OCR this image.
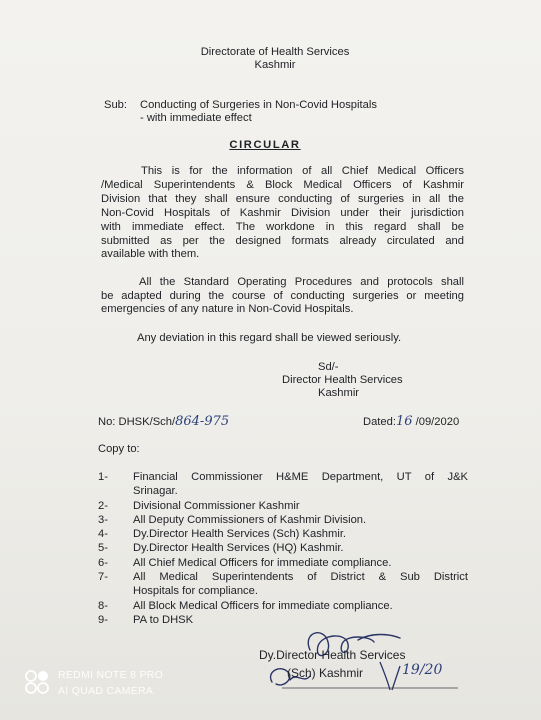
Directorate of Health Services
Kashmir
Sub: Conducting of Surgeries in Non-Covid Hospitals
- with immediate effect
CIRCULAR
This is for the information of all Chief Medical Officers
/Medical Superintendents & Block Medical Officers of Kashmir
Division that they shall ensure conducting of surgeries in all the
Non-Covid Hospitals of Kashmir Division under their jurisdiction
with immediate effect. The workdone in this regard shall be
submitted as per the designed formats already circulated and
available with them.
All the Standard Operating Procedures and protocols shall
be adapted during the course of conducting surgeries or meeting
emergencies of any nature in Non-Covid Hospitals.
Any deviation in this regard shall be viewed seriously.
Sd/-
Director Health Services
Kashmir
No: DHSK/Sch/864-975	Dated:16 /09/2020
Copy to:
1- Financial Commissioner H&ME Department, UT of J&K
Srinagar.
2- Divisional Commissioner Kashmir
3- All Deputy Commissioners of Kashmir Division.
4- Dy.Director Health Services (Sch) Kashmir.
5- Dy.Director Health Services (HQ) Kashmir.
6- All Chief Medical Officers for immediate compliance.
7- All Medical Superintendents of District & Sub District
Hospitals for compliance.
8- All Block Medical Officers for immediate compliance.
9- PA to DHSK
Dy.Director Health Services
(Sch) Kashmir	19/20
REDMI NOTE 8 PRO
AI QUAD CAMERA
